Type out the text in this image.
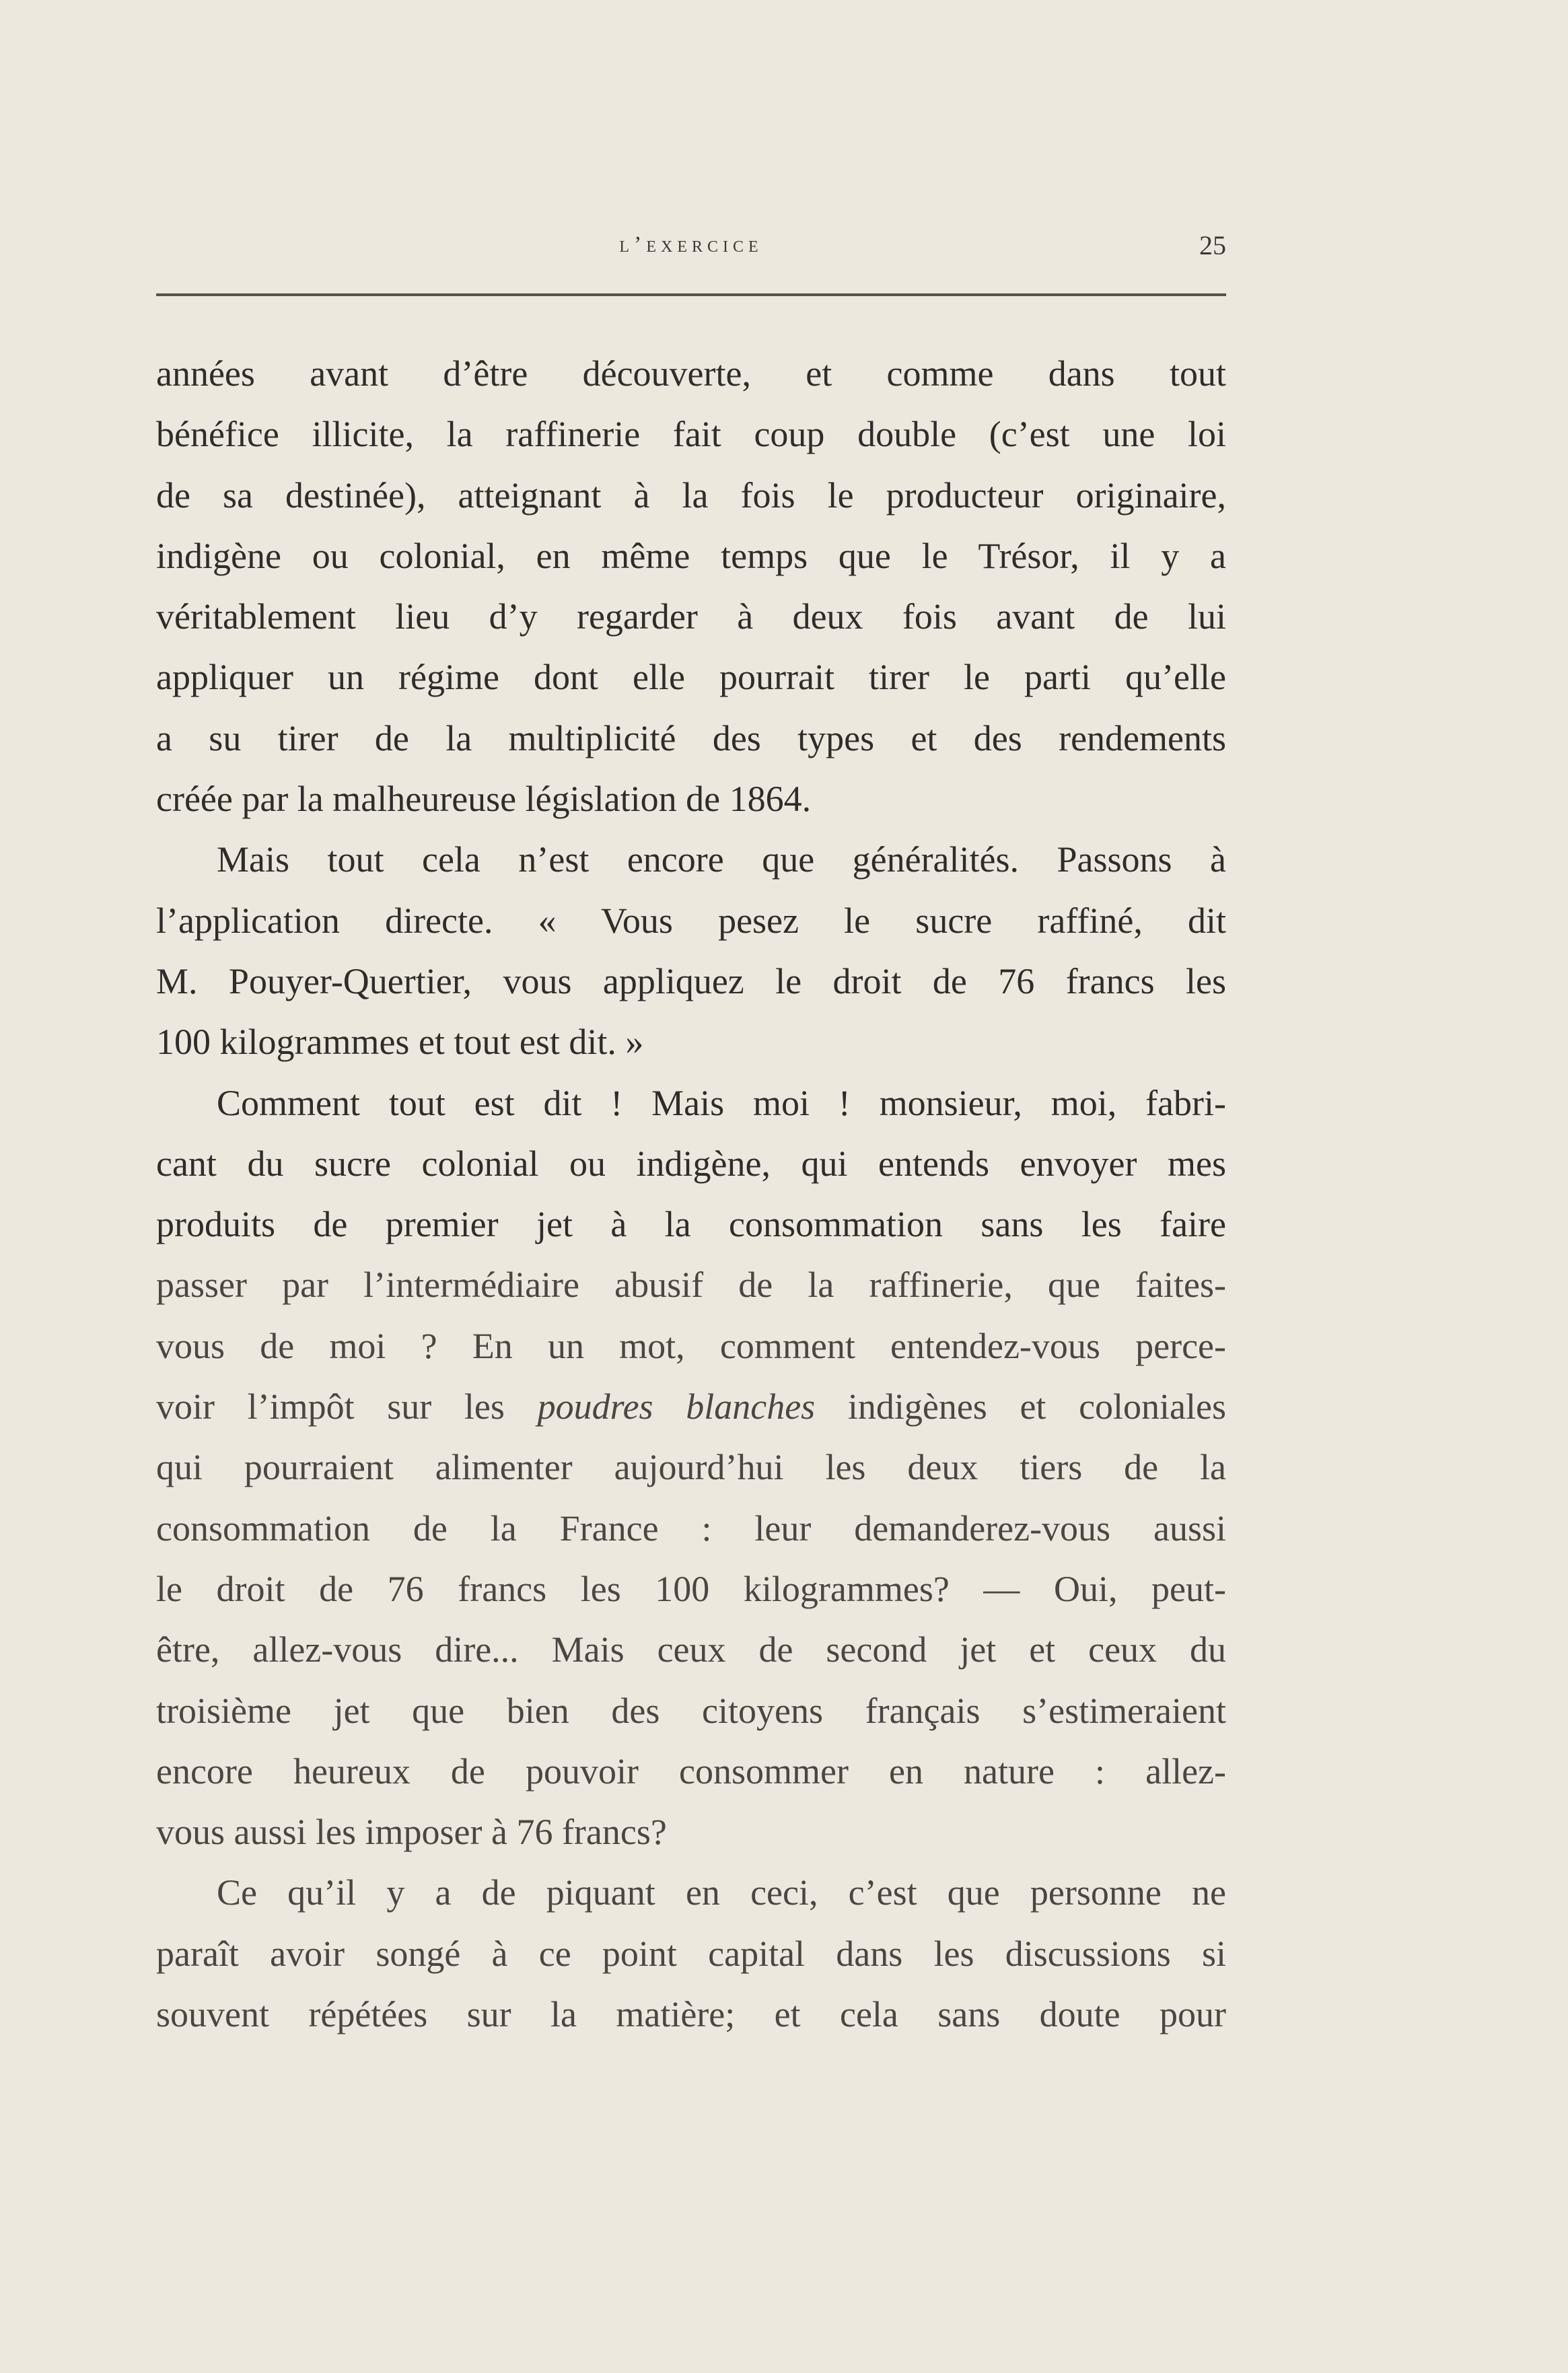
l’exercice	25
années avant d’être découverte, et comme dans tout
bénéfice illicite, la raffinerie fait coup double (c’est une loi
de sa destinée), atteignant à la fois le producteur originaire,
indigène ou colonial, en même temps que le Trésor, il y a
véritablement lieu d’y regarder à deux fois avant de lui
appliquer un régime dont elle pourrait tirer le parti qu’elle
a su tirer de la multiplicité des types et des rendements
créée par la malheureuse législation de 1864.
Mais tout cela n’est encore que généralités. Passons à
l’application directe. « Vous pesez le sucre raffiné, dit
M. Pouyer-Quertier, vous appliquez le droit de 76 francs les
100 kilogrammes et tout est dit. »
Comment tout est dit ! Mais moi ! monsieur, moi, fabri-
cant du sucre colonial ou indigène, qui entends envoyer mes
produits de premier jet à la consommation sans les faire
passer par l’intermédiaire abusif de la raffinerie, que faites-
vous de moi ? En un mot, comment entendez-vous perce-
voir l’impôt sur les poudres blanches indigènes et coloniales
qui pourraient alimenter aujourd’hui les deux tiers de la
consommation de la France : leur demanderez-vous aussi
le droit de 76 francs les 100 kilogrammes? — Oui, peut-
être, allez-vous dire... Mais ceux de second jet et ceux du
troisième jet que bien des citoyens français s’estimeraient
encore heureux de pouvoir consommer en nature : allez-
vous aussi les imposer à 76 francs?
Ce qu’il y a de piquant en ceci, c’est que personne ne
paraît avoir songé à ce point capital dans les discussions si
souvent répétées sur la matière; et cela sans doute pour
